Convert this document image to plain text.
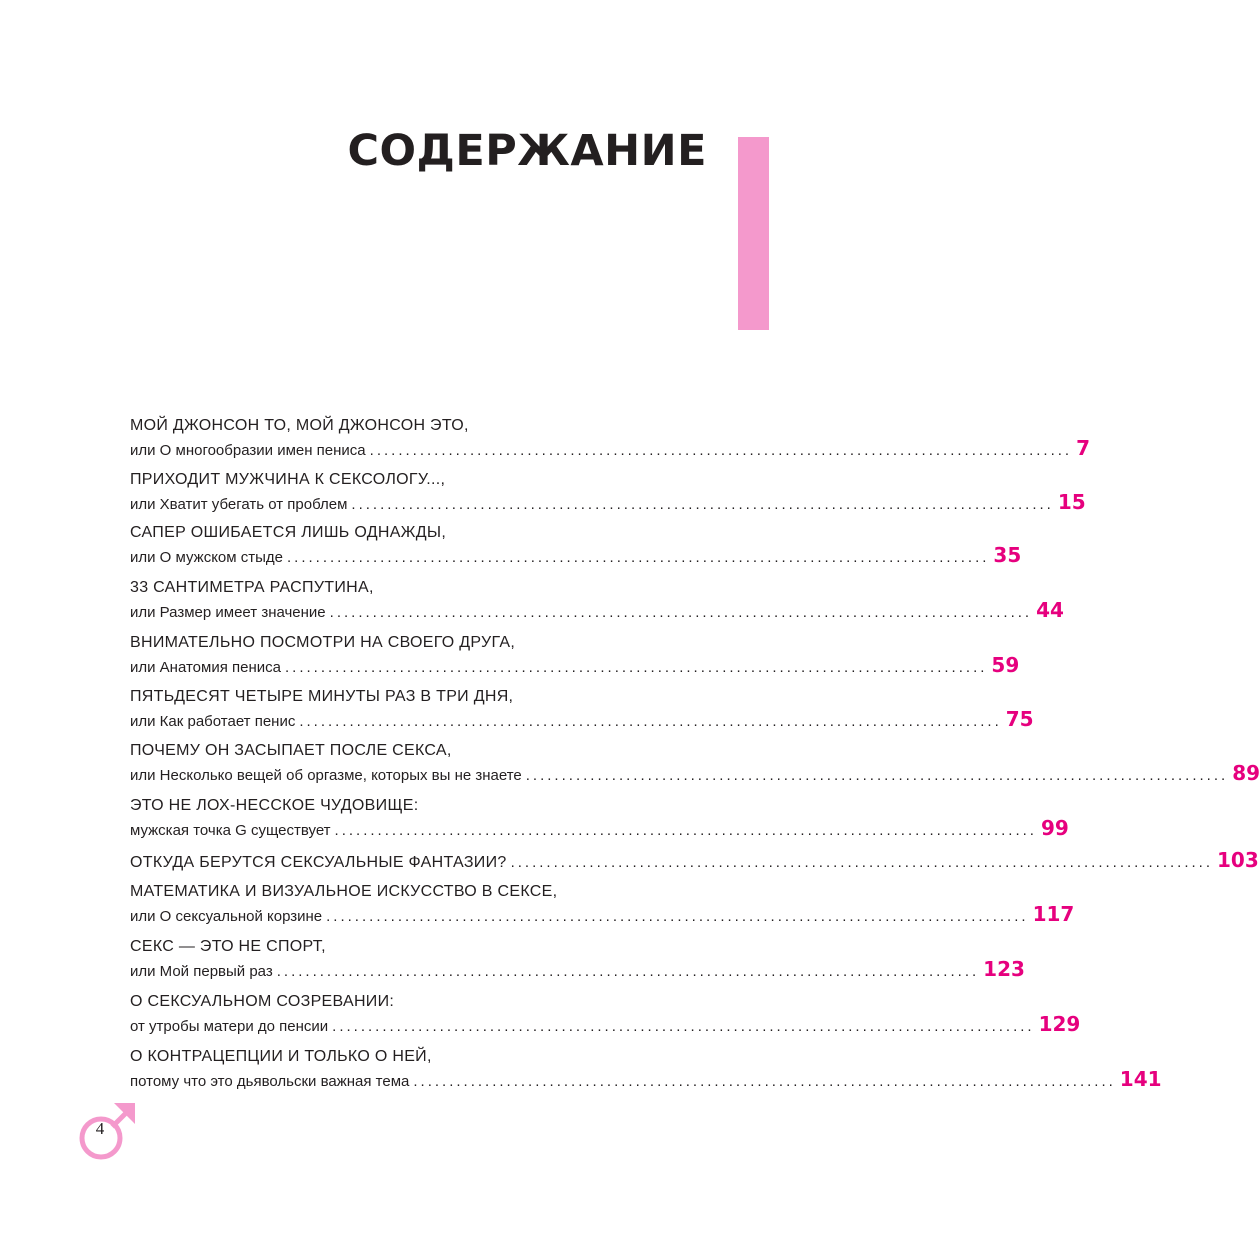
СОДЕРЖАНИЕ
МОЙ ДЖОНСОН ТО, МОЙ ДЖОНСОН ЭТО,
или О многообразии имен пениса .................................................................................................. 7
ПРИХОДИТ МУЖЧИНА К СЕКСОЛОГУ...,
или Хватит убегать от проблем .................................................................................................. 15
САПЕР ОШИБАЕТСЯ ЛИШЬ ОДНАЖДЫ,
или О мужском стыде .................................................................................................. 35
33 САНТИМЕТРА РАСПУТИНА,
или Размер имеет значение .................................................................................................. 44
ВНИМАТЕЛЬНО ПОСМОТРИ НА СВОЕГО ДРУГА,
или Анатомия пениса .................................................................................................. 59
ПЯТЬДЕСЯТ ЧЕТЫРЕ МИНУТЫ РАЗ В ТРИ ДНЯ,
или Как работает пенис .................................................................................................. 75
ПОЧЕМУ ОН ЗАСЫПАЕТ ПОСЛЕ СЕКСА,
или Несколько вещей об оргазме, которых вы не знаете .................................................................................................. 89
ЭТО НЕ ЛОХ-НЕССКОЕ ЧУДОВИЩЕ:
мужская точка G существует .................................................................................................. 99
ОТКУДА БЕРУТСЯ СЕКСУАЛЬНЫЕ ФАНТАЗИИ? .................................................................................................. 103
МАТЕМАТИКА И ВИЗУАЛЬНОЕ ИСКУССТВО В СЕКСЕ,
или О сексуальной корзине .................................................................................................. 117
СЕКС — ЭТО НЕ СПОРТ,
или Мой первый раз .................................................................................................. 123
О СЕКСУАЛЬНОМ СОЗРЕВАНИИ:
от утробы матери до пенсии .................................................................................................. 129
О КОНТРАЦЕПЦИИ И ТОЛЬКО О НЕЙ,
потому что это дьявольски важная тема .................................................................................................. 141
4
